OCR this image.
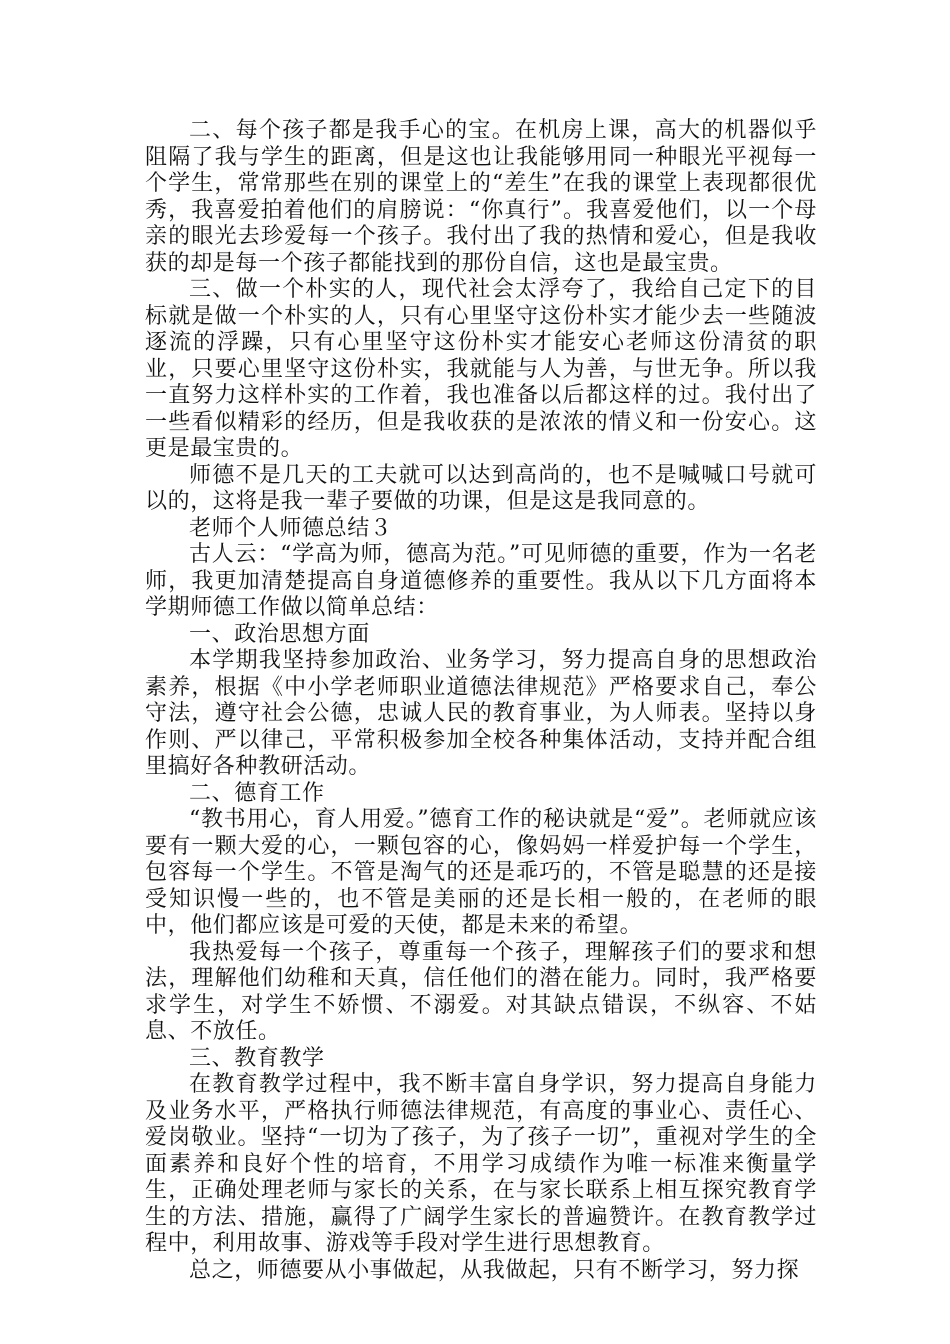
二、每个孩子都是我手心的宝。在机房上课，高大的机器似乎阻隔了我与学生的距离，但是这也让我能够用同一种眼光平视每一个学生，常常那些在别的课堂上的“差生”在我的课堂上表现都很优秀，我喜爱拍着他们的肩膀说：“你真行”。我喜爱他们，以一个母亲的眼光去珍爱每一个孩子。我付出了我的热情和爱心，但是我收获的却是每一个孩子都能找到的那份自信，这也是最宝贵。

三、做一个朴实的人，现代社会太浮夸了，我给自己定下的目标就是做一个朴实的人，只有心里坚守这份朴实才能少去一些随波逐流的浮躁，只有心里坚守这份朴实才能安心老师这份清贫的职业，只要心里坚守这份朴实，我就能与人为善，与世无争。所以我一直努力这样朴实的工作着，我也准备以后都这样的过。我付出了一些看似精彩的经历，但是我收获的是浓浓的情义和一份安心。这更是最宝贵的。

师德不是几天的工夫就可以达到高尚的，也不是喊喊口号就可以的，这将是我一辈子要做的功课，但是这是我同意的。

老师个人师德总结３

古人云：“学高为师，德高为范。”可见师德的重要，作为一名老师，我更加清楚提高自身道德修养的重要性。我从以下几方面将本学期师德工作做以简单总结：

一、政治思想方面

本学期我坚持参加政治、业务学习，努力提高自身的思想政治素养，根据《中小学老师职业道德法律规范》严格要求自己，奉公守法，遵守社会公德，忠诚人民的教育事业，为人师表。坚持以身作则、严以律己，平常积极参加全校各种集体活动，支持并配合组里搞好各种教研活动。

二、德育工作

“教书用心，育人用爱。”德育工作的秘诀就是“爱”。老师就应该要有一颗大爱的心，一颗包容的心，像妈妈一样爱护每一个学生，包容每一个学生。不管是淘气的还是乖巧的，不管是聪慧的还是接受知识慢一些的，也不管是美丽的还是长相一般的，在老师的眼中，他们都应该是可爱的天使，都是未来的希望。

我热爱每一个孩子，尊重每一个孩子，理解孩子们的要求和想法，理解他们幼稚和天真，信任他们的潜在能力。同时，我严格要求学生，对学生不娇惯、不溺爱。对其缺点错误，不纵容、不姑息、不放任。

三、教育教学

在教育教学过程中，我不断丰富自身学识，努力提高自身能力及业务水平，严格执行师德法律规范，有高度的事业心、责任心、爱岗敬业。坚持“一切为了孩子，为了孩子一切”，重视对学生的全面素养和良好个性的培育，不用学习成绩作为唯一标准来衡量学生，正确处理老师与家长的关系，在与家长联系上相互探究教育学生的方法、措施，赢得了广阔学生家长的普遍赞许。在教育教学过程中，利用故事、游戏等手段对学生进行思想教育。

总之，师德要从小事做起，从我做起，只有不断学习，努力探
